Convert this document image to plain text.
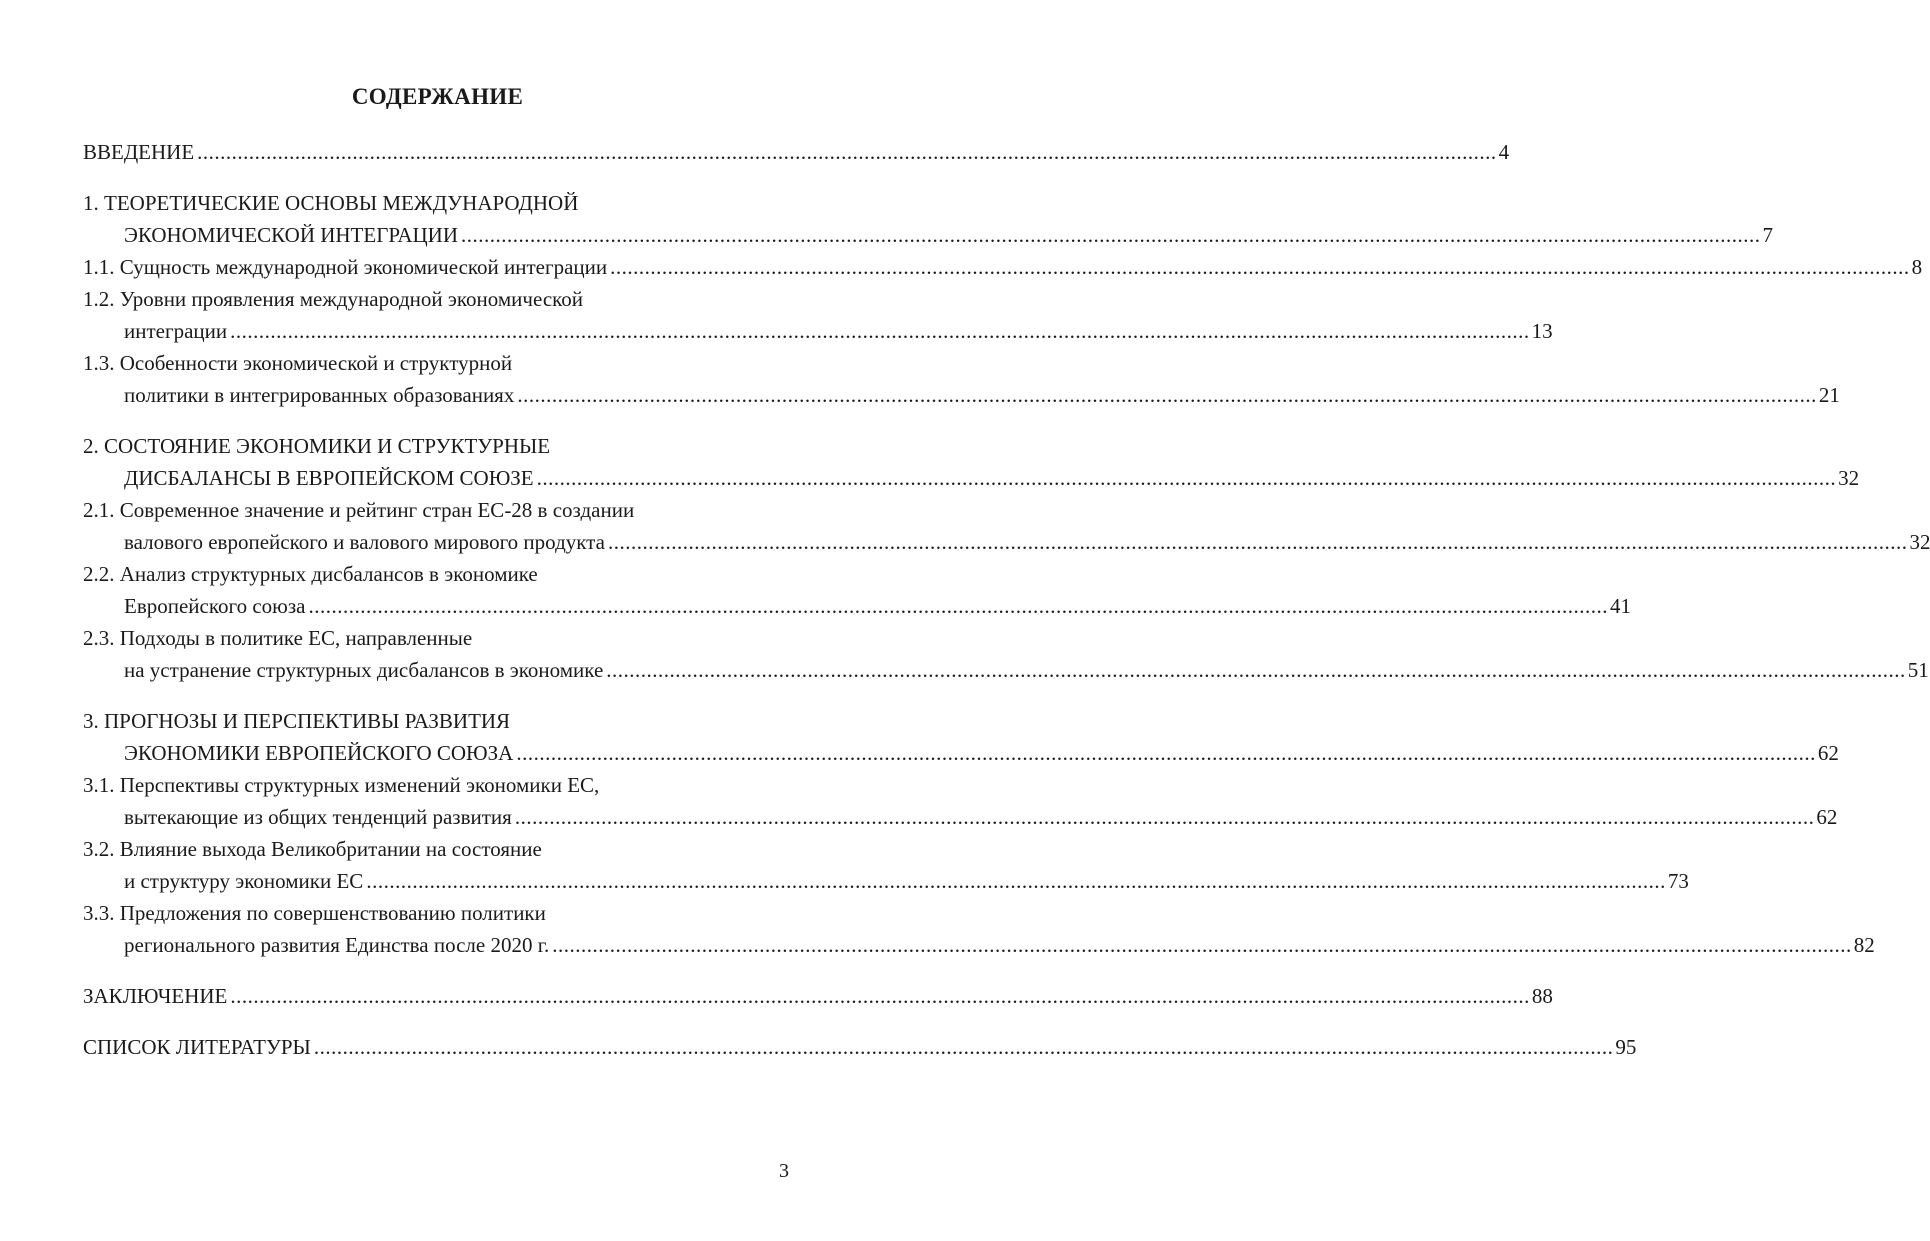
СОДЕРЖАНИЕ
ВВЕДЕНИЕ .................................................................................................................................................................................................................................. 4
1. ТЕОРЕТИЧЕСКИЕ ОСНОВЫ МЕЖДУНАРОДНОЙ
ЭКОНОМИЧЕСКОЙ ИНТЕГРАЦИИ .................................................................................................................................................................................................................................. 7
1.1. Сущность международной экономической интеграции .................................................................................................................................................................................................................................. 8
1.2. Уровни проявления международной экономической
интеграции .................................................................................................................................................................................................................................. 13
1.3. Особенности экономической и структурной
политики в интегрированных образованиях .................................................................................................................................................................................................................................. 21
2. СОСТОЯНИЕ ЭКОНОМИКИ И СТРУКТУРНЫЕ
ДИСБАЛАНСЫ В ЕВРОПЕЙСКОМ СОЮЗЕ .................................................................................................................................................................................................................................. 32
2.1. Современное значение и рейтинг стран ЕС-28 в создании
валового европейского и валового мирового продукта .................................................................................................................................................................................................................................. 32
2.2. Анализ структурных дисбалансов в экономике
Европейского союза .................................................................................................................................................................................................................................. 41
2.3. Подходы в политике ЕС, направленные
на устранение структурных дисбалансов в экономике .................................................................................................................................................................................................................................. 51
3. ПРОГНОЗЫ И ПЕРСПЕКТИВЫ РАЗВИТИЯ
ЭКОНОМИКИ ЕВРОПЕЙСКОГО СОЮЗА .................................................................................................................................................................................................................................. 62
3.1. Перспективы структурных изменений экономики ЕС,
вытекающие из общих тенденций развития .................................................................................................................................................................................................................................. 62
3.2. Влияние выхода Великобритании на состояние
и структуру экономики ЕС .................................................................................................................................................................................................................................. 73
3.3. Предложения по совершенствованию политики
регионального развития Единства после 2020 г. .................................................................................................................................................................................................................................. 82
ЗАКЛЮЧЕНИЕ .................................................................................................................................................................................................................................. 88
СПИСОК ЛИТЕРАТУРЫ .................................................................................................................................................................................................................................. 95
3
